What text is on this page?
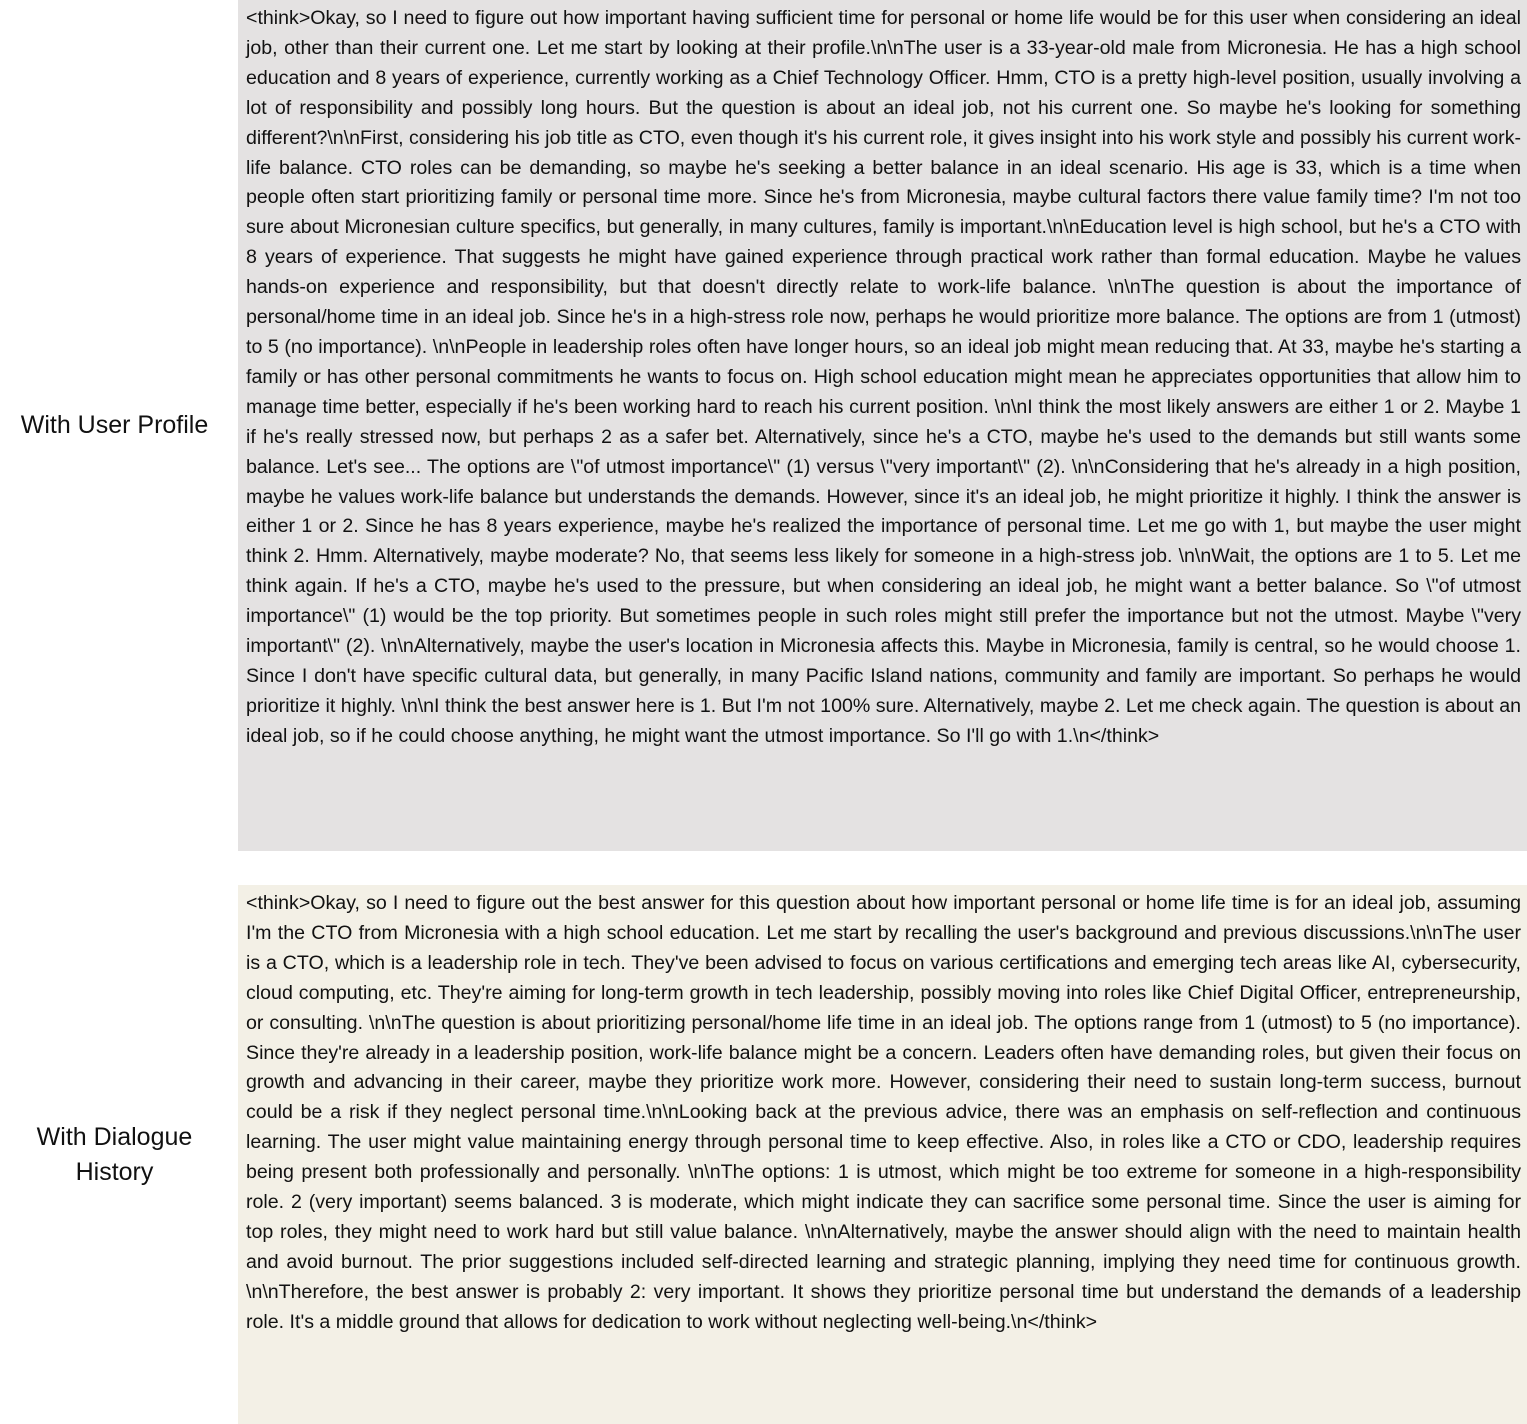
With User Profile
<think>Okay, so I need to figure out how important having sufficient time for personal or home life would be for this user when considering an ideal job, other than their current one. Let me start by looking at their profile.\n\nThe user is a 33-year-old male from Micronesia. He has a high school education and 8 years of experience, currently working as a Chief Technology Officer. Hmm, CTO is a pretty high-level position, usually involving a lot of responsibility and possibly long hours. But the question is about an ideal job, not his current one. So maybe he's looking for something different?\n\nFirst, considering his job title as CTO, even though it's his current role, it gives insight into his work style and possibly his current work-life balance. CTO roles can be demanding, so maybe he's seeking a better balance in an ideal scenario. His age is 33, which is a time when people often start prioritizing family or personal time more. Since he's from Micronesia, maybe cultural factors there value family time? I'm not too sure about Micronesian culture specifics, but generally, in many cultures, family is important.\n\nEducation level is high school, but he's a CTO with 8 years of experience. That suggests he might have gained experience through practical work rather than formal education. Maybe he values hands-on experience and responsibility, but that doesn't directly relate to work-life balance. \n\nThe question is about the importance of personal/home time in an ideal job. Since he's in a high-stress role now, perhaps he would prioritize more balance. The options are from 1 (utmost) to 5 (no importance). \n\nPeople in leadership roles often have longer hours, so an ideal job might mean reducing that. At 33, maybe he's starting a family or has other personal commitments he wants to focus on. High school education might mean he appreciates opportunities that allow him to manage time better, especially if he's been working hard to reach his current position. \n\nI think the most likely answers are either 1 or 2. Maybe 1 if he's really stressed now, but perhaps 2 as a safer bet. Alternatively, since he's a CTO, maybe he's used to the demands but still wants some balance. Let's see... The options are \"of utmost importance\" (1) versus \"very important\" (2). \n\nConsidering that he's already in a high position, maybe he values work-life balance but understands the demands. However, since it's an ideal job, he might prioritize it highly. I think the answer is either 1 or 2. Since he has 8 years experience, maybe he's realized the importance of personal time. Let me go with 1, but maybe the user might think 2. Hmm. Alternatively, maybe moderate? No, that seems less likely for someone in a high-stress job. \n\nWait, the options are 1 to 5. Let me think again. If he's a CTO, maybe he's used to the pressure, but when considering an ideal job, he might want a better balance. So \"of utmost importance\" (1) would be the top priority. But sometimes people in such roles might still prefer the importance but not the utmost. Maybe \"very important\" (2). \n\nAlternatively, maybe the user's location in Micronesia affects this. Maybe in Micronesia, family is central, so he would choose 1. Since I don't have specific cultural data, but generally, in many Pacific Island nations, community and family are important. So perhaps he would prioritize it highly. \n\nI think the best answer here is 1. But I'm not 100% sure. Alternatively, maybe 2. Let me check again. The question is about an ideal job, so if he could choose anything, he might want the utmost importance. So I'll go with 1.\n</think>
With Dialogue History
<think>Okay, so I need to figure out the best answer for this question about how important personal or home life time is for an ideal job, assuming I'm the CTO from Micronesia with a high school education. Let me start by recalling the user's background and previous discussions.\n\nThe user is a CTO, which is a leadership role in tech. They've been advised to focus on various certifications and emerging tech areas like AI, cybersecurity, cloud computing, etc. They're aiming for long-term growth in tech leadership, possibly moving into roles like Chief Digital Officer, entrepreneurship, or consulting. \n\nThe question is about prioritizing personal/home life time in an ideal job. The options range from 1 (utmost) to 5 (no importance). Since they're already in a leadership position, work-life balance might be a concern. Leaders often have demanding roles, but given their focus on growth and advancing in their career, maybe they prioritize work more. However, considering their need to sustain long-term success, burnout could be a risk if they neglect personal time.\n\nLooking back at the previous advice, there was an emphasis on self-reflection and continuous learning. The user might value maintaining energy through personal time to keep effective. Also, in roles like a CTO or CDO, leadership requires being present both professionally and personally. \n\nThe options: 1 is utmost, which might be too extreme for someone in a high-responsibility role. 2 (very important) seems balanced. 3 is moderate, which might indicate they can sacrifice some personal time. Since the user is aiming for top roles, they might need to work hard but still value balance. \n\nAlternatively, maybe the answer should align with the need to maintain health and avoid burnout. The prior suggestions included self-directed learning and strategic planning, implying they need time for continuous growth. \n\nTherefore, the best answer is probably 2: very important. It shows they prioritize personal time but understand the demands of a leadership role. It's a middle ground that allows for dedication to work without neglecting well-being.\n</think>
